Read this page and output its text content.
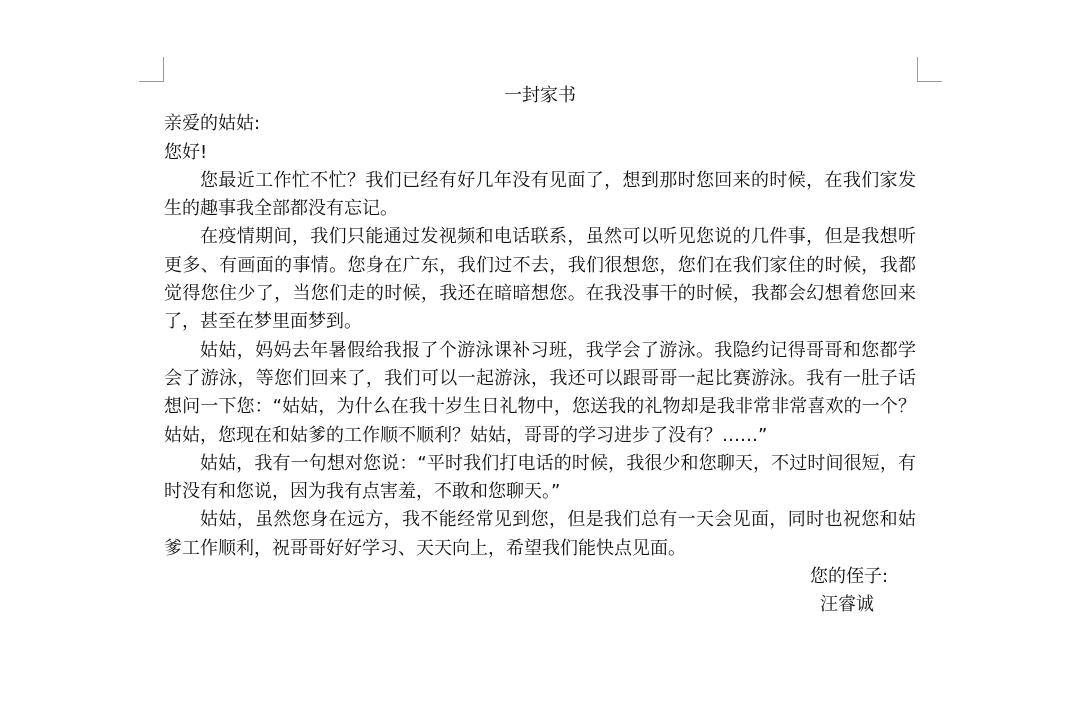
一封家书

亲爱的姑姑:

您好!

您最近工作忙不忙？我们已经有好几年没有见面了，想到那时您回来的时候，在我们家发生的趣事我全部都没有忘记。

在疫情期间，我们只能通过发视频和电话联系，虽然可以听见您说的几件事，但是我想听更多、有画面的事情。您身在广东，我们过不去，我们很想您，您们在我们家住的时候，我都觉得您住少了，当您们走的时候，我还在暗暗想您。在我没事干的时候，我都会幻想着您回来了，甚至在梦里面梦到。

姑姑，妈妈去年暑假给我报了个游泳课补习班，我学会了游泳。我隐约记得哥哥和您都学会了游泳，等您们回来了，我们可以一起游泳，我还可以跟哥哥一起比赛游泳。我有一肚子话想问一下您：“姑姑，为什么在我十岁生日礼物中，您送我的礼物却是我非常非常喜欢的一个？姑姑，您现在和姑爹的工作顺不顺利？姑姑，哥哥的学习进步了没有？……”

姑姑，我有一句想对您说：“平时我们打电话的时候，我很少和您聊天，不过时间很短，有时没有和您说，因为我有点害羞，不敢和您聊天。”

姑姑，虽然您身在远方，我不能经常见到您，但是我们总有一天会见面，同时也祝您和姑爹工作顺利，祝哥哥好好学习、天天向上，希望我们能快点见面。

您的侄子:

汪睿诚
